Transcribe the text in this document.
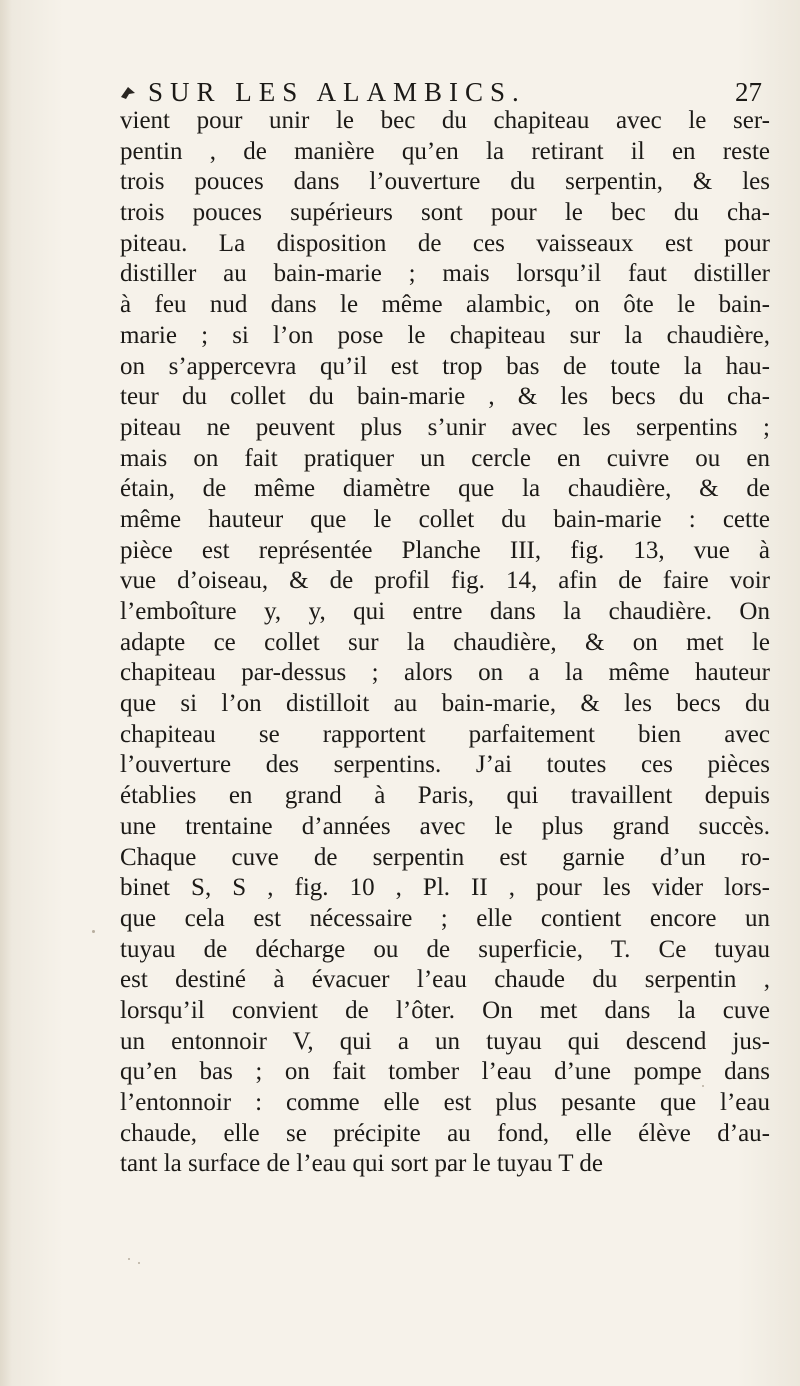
SUR LES ALAMBICS.	27
vient pour unir le bec du chapiteau avec le ser-
pentin , de manière qu’en la retirant il en reste
trois pouces dans l’ouverture du serpentin, & les
trois pouces supérieurs sont pour le bec du cha-
piteau. La disposition de ces vaisseaux est pour
distiller au bain-marie ; mais lorsqu’il faut distiller
à feu nud dans le même alambic, on ôte le bain-
marie ; si l’on pose le chapiteau sur la chaudière,
on s’appercevra qu’il est trop bas de toute la hau-
teur du collet du bain-marie , & les becs du cha-
piteau ne peuvent plus s’unir avec les serpentins ;
mais on fait pratiquer un cercle en cuivre ou en
étain, de même diamètre que la chaudière, & de
même hauteur que le collet du bain-marie : cette
pièce est représentée Planche III, fig. 13, vue à
vue d’oiseau, & de profil fig. 14, afin de faire voir
l’emboîture y, y, qui entre dans la chaudière. On
adapte ce collet sur la chaudière, & on met le
chapiteau par-dessus ; alors on a la même hauteur
que si l’on distilloit au bain-marie, & les becs du
chapiteau se rapportent parfaitement bien avec
l’ouverture des serpentins. J’ai toutes ces pièces
établies en grand à Paris, qui travaillent depuis
une trentaine d’années avec le plus grand succès.
Chaque cuve de serpentin est garnie d’un ro-
binet S, S , fig. 10 , Pl. II , pour les vider lors-
que cela est nécessaire ; elle contient encore un
tuyau de décharge ou de superficie, T. Ce tuyau
est destiné à évacuer l’eau chaude du serpentin ,
lorsqu’il convient de l’ôter. On met dans la cuve
un entonnoir V, qui a un tuyau qui descend jus-
qu’en bas ; on fait tomber l’eau d’une pompe dans
l’entonnoir : comme elle est plus pesante que l’eau
chaude, elle se précipite au fond, elle élève d’au-
tant la surface de l’eau qui sort par le tuyau T de
